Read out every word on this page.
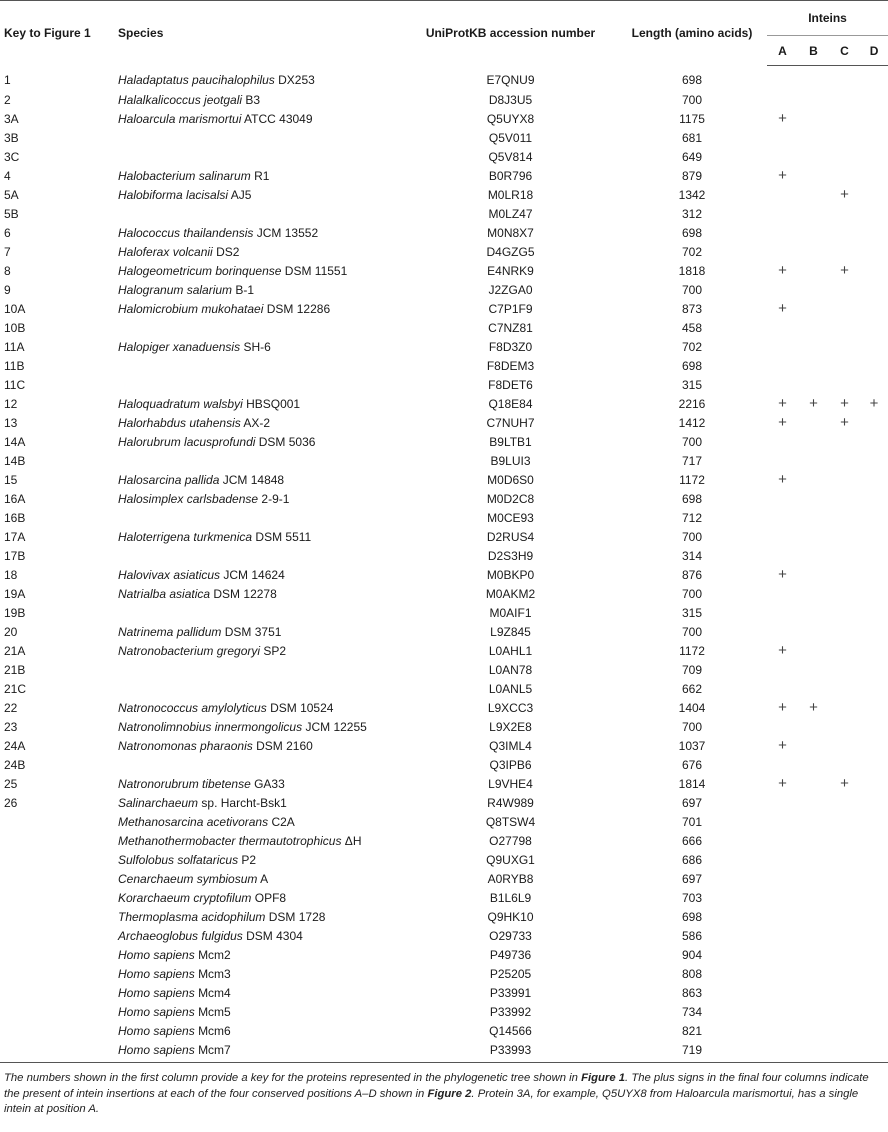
Key to Figure 1	Species	UniProtKB accession number	Length (amino acids)	Inteins			
				A	B	C	D
1	Haladaptatus paucihalophilus DX253	E7QNU9	698				
2	Halalkalicoccus jeotgali B3	D8J3U5	700				
3A	Haloarcula marismortui ATCC 43049	Q5UYX8	1175	+			
3B		Q5V011	681				
3C		Q5V814	649				
4	Halobacterium salinarum R1	B0R796	879	+			
5A	Halobiforma lacisalsi AJ5	M0LR18	1342			+	
5B		M0LZ47	312				
6	Halococcus thailandensis JCM 13552	M0N8X7	698				
7	Haloferax volcanii DS2	D4GZG5	702				
8	Halogeometricum borinquense DSM 11551	E4NRK9	1818	+		+	
9	Halogranum salarium B-1	J2ZGA0	700				
10A	Halomicrobium mukohataei DSM 12286	C7P1F9	873	+			
10B		C7NZ81	458				
11A	Halopiger xanaduensis SH-6	F8D3Z0	702				
11B		F8DEM3	698				
11C		F8DET6	315				
12	Haloquadratum walsbyi HBSQ001	Q18E84	2216	+	+	+	+
13	Halorhabdus utahensis AX-2	C7NUH7	1412	+		+	
14A	Halorubrum lacusprofundi DSM 5036	B9LTB1	700				
14B		B9LUI3	717				
15	Halosarcina pallida JCM 14848	M0D6S0	1172	+			
16A	Halosimplex carlsbadense 2-9-1	M0D2C8	698				
16B		M0CE93	712				
17A	Haloterrigena turkmenica DSM 5511	D2RUS4	700				
17B		D2S3H9	314				
18	Halovivax asiaticus JCM 14624	M0BKP0	876	+			
19A	Natrialba asiatica DSM 12278	M0AKM2	700				
19B		M0AIF1	315				
20	Natrinema pallidum DSM 3751	L9Z845	700				
21A	Natronobacterium gregoryi SP2	L0AHL1	1172	+			
21B		L0AN78	709				
21C		L0ANL5	662				
22	Natronococcus amylolyticus DSM 10524	L9XCC3	1404	+	+		
23	Natronolimnobius innermongolicus JCM 12255	L9X2E8	700				
24A	Natronomonas pharaonis DSM 2160	Q3IML4	1037	+			
24B		Q3IPB6	676				
25	Natronorubrum tibetense GA33	L9VHE4	1814	+		+	
26	Salinarchaeum sp. Harcht-Bsk1	R4W989	697				
	Methanosarcina acetivorans C2A	Q8TSW4	701				
	Methanothermobacter thermautotrophicus ΔH	O27798	666				
	Sulfolobus solfataricus P2	Q9UXG1	686				
	Cenarchaeum symbiosum A	A0RYB8	697				
	Korarchaeum cryptofilum OPF8	B1L6L9	703				
	Thermoplasma acidophilum DSM 1728	Q9HK10	698				
	Archaeoglobus fulgidus DSM 4304	O29733	586				
	Homo sapiens Mcm2	P49736	904				
	Homo sapiens Mcm3	P25205	808				
	Homo sapiens Mcm4	P33991	863				
	Homo sapiens Mcm5	P33992	734				
	Homo sapiens Mcm6	Q14566	821				
	Homo sapiens Mcm7	P33993	719				
The numbers shown in the first column provide a key for the proteins represented in the phylogenetic tree shown in Figure 1. The plus signs in the final four columns indicate the present of intein insertions at each of the four conserved positions A–D shown in Figure 2. Protein 3A, for example, Q5UYX8 from Haloarcula marismortui, has a single intein at position A.
